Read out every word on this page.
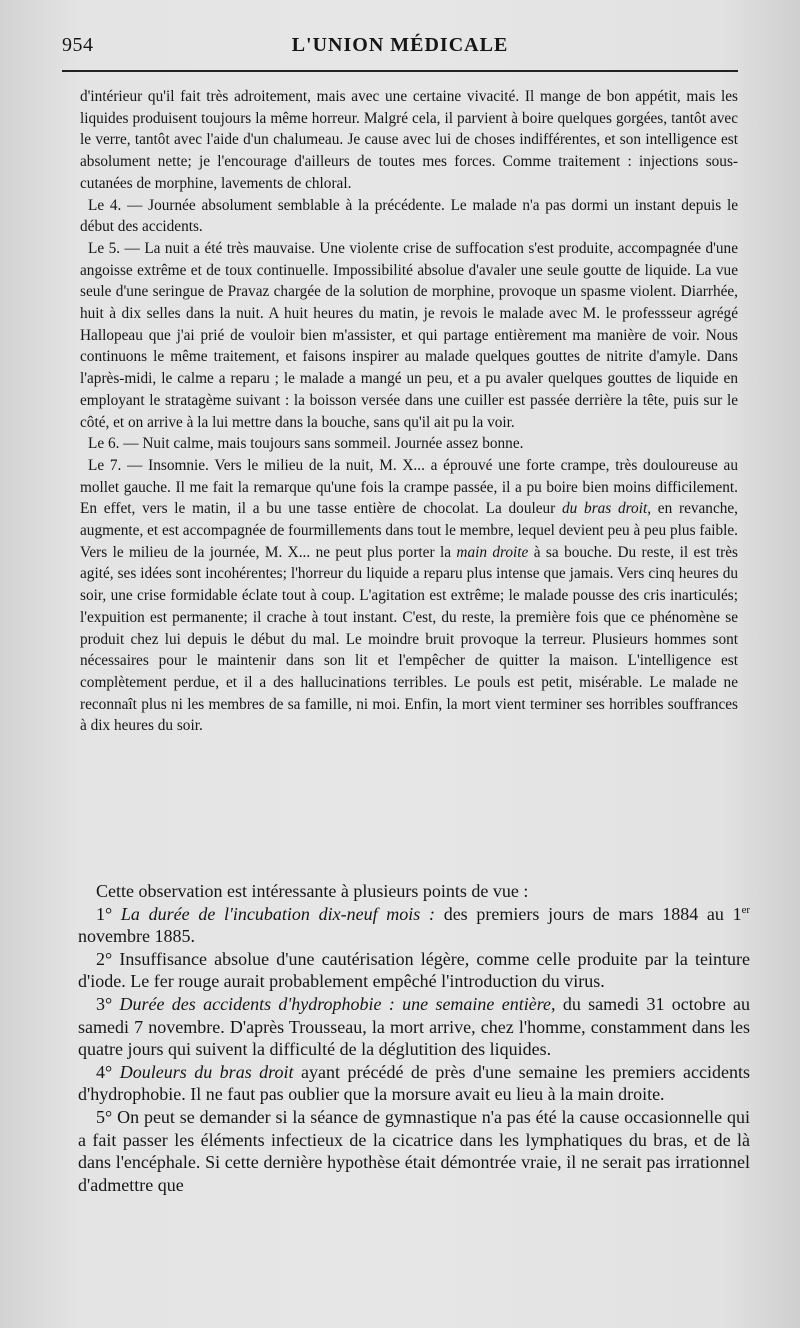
954	L'UNION MÉDICALE

d'intérieur qu'il fait très adroitement, mais avec une certaine vivacité. Il mange de bon appétit, mais les liquides produisent toujours la même horreur. Malgré cela, il parvient à boire quelques gorgées, tantôt avec le verre, tantôt avec l'aide d'un chalumeau. Je cause avec lui de choses indifférentes, et son intelligence est absolument nette; je l'encourage d'ailleurs de toutes mes forces. Comme traitement : injections sous-cutanées de morphine, lavements de chloral.

Le 4. — Journée absolument semblable à la précédente. Le malade n'a pas dormi un instant depuis le début des accidents.

Le 5. — La nuit a été très mauvaise. Une violente crise de suffocation s'est produite, accompagnée d'une angoisse extrême et de toux continuelle. Impossibilité absolue d'avaler une seule goutte de liquide. La vue seule d'une seringue de Pravaz chargée de la solution de morphine, provoque un spasme violent. Diarrhée, huit à dix selles dans la nuit. A huit heures du matin, je revois le malade avec M. le professseur agrégé Hallopeau que j'ai prié de vouloir bien m'assister, et qui partage entièrement ma manière de voir. Nous continuons le même traitement, et faisons inspirer au malade quelques gouttes de nitrite d'amyle. Dans l'après-midi, le calme a reparu ; le malade a mangé un peu, et a pu avaler quelques gouttes de liquide en employant le stratagème suivant : la boisson versée dans une cuiller est passée derrière la tête, puis sur le côté, et on arrive à la lui mettre dans la bouche, sans qu'il ait pu la voir.

Le 6. — Nuit calme, mais toujours sans sommeil. Journée assez bonne.

Le 7. — Insomnie. Vers le milieu de la nuit, M. X... a éprouvé une forte crampe, très douloureuse au mollet gauche. Il me fait la remarque qu'une fois la crampe passée, il a pu boire bien moins difficilement. En effet, vers le matin, il a bu une tasse entière de chocolat. La douleur du bras droit, en revanche, augmente, et est accompagnée de fourmillements dans tout le membre, lequel devient peu à peu plus faible. Vers le milieu de la journée, M. X... ne peut plus porter la main droite à sa bouche. Du reste, il est très agité, ses idées sont incohérentes; l'horreur du liquide a reparu plus intense que jamais. Vers cinq heures du soir, une crise formidable éclate tout à coup. L'agitation est extrême; le malade pousse des cris inarticulés; l'expuition est permanente; il crache à tout instant. C'est, du reste, la première fois que ce phénomène se produit chez lui depuis le début du mal. Le moindre bruit provoque la terreur. Plusieurs hommes sont nécessaires pour le maintenir dans son lit et l'empêcher de quitter la maison. L'intelligence est complètement perdue, et il a des hallucinations terribles. Le pouls est petit, misérable. Le malade ne reconnaît plus ni les membres de sa famille, ni moi. Enfin, la mort vient terminer ses horribles souffrances à dix heures du soir.

Cette observation est intéressante à plusieurs points de vue :

1° La durée de l'incubation dix-neuf mois : des premiers jours de mars 1884 au 1er novembre 1885.

2° Insuffisance absolue d'une cautérisation légère, comme celle produite par la teinture d'iode. Le fer rouge aurait probablement empêché l'introduction du virus.

3° Durée des accidents d'hydrophobie : une semaine entière, du samedi 31 octobre au samedi 7 novembre. D'après Trousseau, la mort arrive, chez l'homme, constamment dans les quatre jours qui suivent la difficulté de la déglutition des liquides.

4° Douleurs du bras droit ayant précédé de près d'une semaine les premiers accidents d'hydrophobie. Il ne faut pas oublier que la morsure avait eu lieu à la main droite.

5° On peut se demander si la séance de gymnastique n'a pas été la cause occasionnelle qui a fait passer les éléments infectieux de la cicatrice dans les lymphatiques du bras, et de là dans l'encéphale. Si cette dernière hypothèse était démontrée vraie, il ne serait pas irrationnel d'admettre que
